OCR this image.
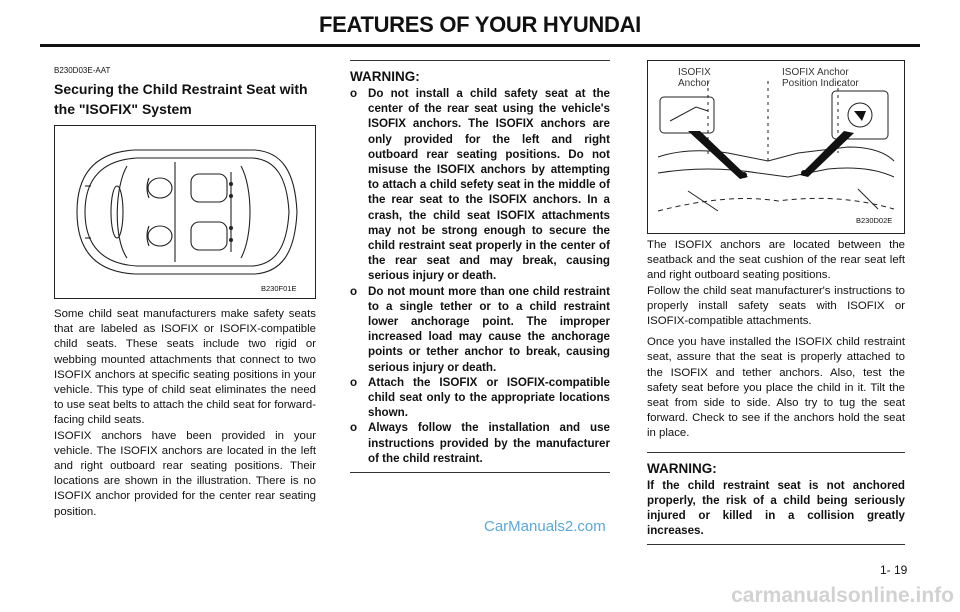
FEATURES OF YOUR HYUNDAI
B230D03E-AAT
Securing the Child Restraint Seat with
the "ISOFIX" System
B230F01E

Some child seat manufacturers make safety seats that are labeled as ISOFIX or ISOFIX-compatible child seats. These seats include two rigid or webbing mounted attachments that connect to two ISOFIX anchors at specific seating positions in your vehicle. This type of child seat eliminates the need to use seat belts to attach the child seat for forward-facing child seats.

ISOFIX anchors have been provided in your vehicle. The ISOFIX anchors are located in the left and right outboard rear seating positions. Their locations are shown in the illustration. There is no ISOFIX anchor provided for the center rear seating position.

WARNING:
o Do not install a child safety seat at the center of the rear seat using the vehicle's ISOFIX anchors. The ISOFIX anchors are only provided for the left and right outboard rear seating positions. Do not misuse the ISOFIX anchors by attempting to attach a child sefety seat in the middle of the rear seat to the ISOFIX anchors. In a crash, the child seat ISOFIX attachments may not be strong enough to secure the child restraint seat properly in the center of the rear seat and may break, causing serious injury or death.
o Do not mount more than one child restraint to a single tether or to a child restraint lower anchorage point. The improper increased load may cause the anchorage points or tether anchor to break, causing serious injury or death.
o Attach the ISOFIX or ISOFIX-compatible child seat only to the appropriate locations shown.
o Always follow the installation and use instructions provided by the manufacturer of the child restraint.
ISOFIX
Anchor
ISOFIX Anchor
Position Indicator
B230D02E

The ISOFIX anchors are located between the seatback and the seat cushion of the rear seat left and right outboard seating positions.

Follow the child seat manufacturer's instructions to properly install safety seats with ISOFIX or ISOFIX-compatible attachments.

Once you have installed the ISOFIX child restraint seat, assure that the seat is properly attached to the ISOFIX and tether anchors. Also, test the safety seat before you place the child in it. Tilt the seat from side to side. Also try to tug the seat forward. Check to see if the anchors hold the seat in place.

WARNING:

If the child restraint seat is not anchored properly, the risk of a child being seriously injured or killed in a collision greatly increases.

CarManuals2.com
1- 19
carmanualsonline.info
